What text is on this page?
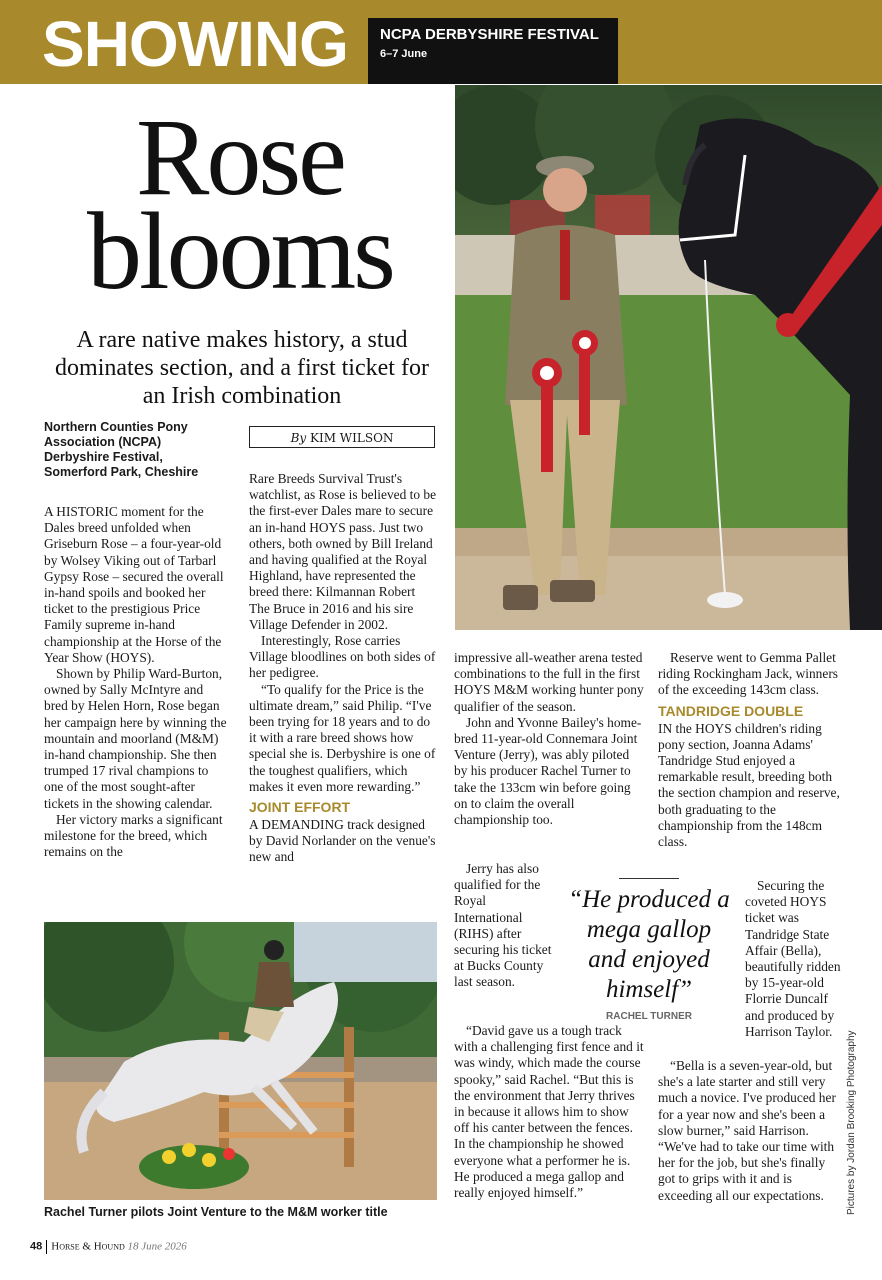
SHOWING NCPA DERBYSHIRE FESTIVAL
6–7 June
Rose
blooms
A rare native makes history, a stud dominates section, and a first ticket for an Irish combination
Northern Counties Pony Association (NCPA) Derbyshire Festival, Somerford Park, Cheshire
By KIM WILSON

A HISTORIC moment for the Dales breed unfolded when Griseburn Rose – a four-year-old by Wolsey Viking out of Tarbarl Gypsy Rose – secured the overall in-hand spoils and booked her ticket to the prestigious Price Family supreme in-hand championship at the Horse of the Year Show (HOYS).

Shown by Philip Ward-Burton, owned by Sally McIntyre and bred by Helen Horn, Rose began her campaign here by winning the mountain and moorland (M&M) in-hand championship. She then trumped 17 rival champions to one of the most sought-after tickets in the showing calendar.

Her victory marks a significant milestone for the breed, which remains on the

Rare Breeds Survival Trust's watchlist, as Rose is believed to be the first-ever Dales mare to secure an in-hand HOYS pass. Just two others, both owned by Bill Ireland and having qualified at the Royal Highland, have represented the breed there: Kilmannan Robert The Bruce in 2016 and his sire Village Defender in 2002.

Interestingly, Rose carries Village bloodlines on both sides of her pedigree.

“To qualify for the Price is the ultimate dream,” said Philip. “I've been trying for 18 years and to do it with a rare breed shows how special she is. Derbyshire is one of the toughest qualifiers, which makes it even more rewarding.”

JOINT EFFORT

A DEMANDING track designed by David Norlander on the venue's new and

impressive all-weather arena tested combinations to the full in the first HOYS M&M working hunter pony qualifier of the season.

John and Yvonne Bailey's home-bred 11-year-old Connemara Joint Venture (Jerry), was ably piloted by his producer Rachel Turner to take the 133cm win before going on to claim the overall championship too.

Jerry has also qualified for the Royal International (RIHS) after securing his ticket at Bucks County last season.

“David gave us a tough track with a challenging first fence and it was windy, which made the course spooky,” said Rachel. “But this is the environment that Jerry thrives in because it allows him to show off his canter between the fences. In the championship he showed everyone what a performer he is. He produced a mega gallop and really enjoyed himself.”

Reserve went to Gemma Pallet riding Rockingham Jack, winners of the exceeding 143cm class.

TANDRIDGE DOUBLE

IN the HOYS children's riding pony section, Joanna Adams' Tandridge Stud enjoyed a remarkable result, breeding both the section champion and reserve, both graduating to the championship from the 148cm class.

Securing the coveted HOYS ticket was Tandridge State Affair (Bella), beautifully ridden by 15-year-old Florrie Duncalf and produced by Harrison Taylor.

“Bella is a seven-year-old, but she's a late starter and still very much a novice. I've produced her for a year now and she's been a slow burner,” said Harrison. “We've had to take our time with her for the job, but she's finally got to grips with it and is exceeding all our expectations.

“He produced a mega gallop and enjoyed himself”
RACHEL TURNER
Rachel Turner pilots Joint Venture to the M&M worker title	Pictures by Jordan Brooking Photography
48 Horse & Hound 18 June 2026
